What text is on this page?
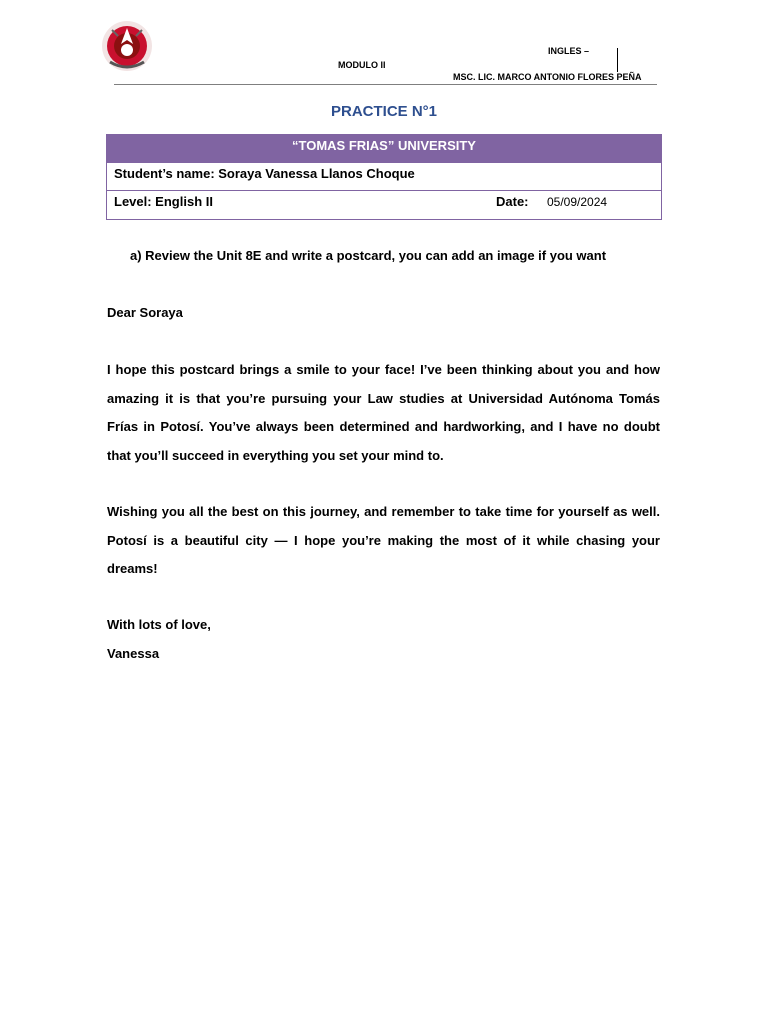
INGLES –
MODULO II
MSC. LIC. MARCO ANTONIO FLORES PEÑA
PRACTICE N°1
“TOMAS FRIAS” UNIVERSITY
Student’s name: Soraya Vanessa Llanos Choque
Level: English II	Date: 05/09/2024
a) Review the Unit 8E and write a postcard, you can add an image if you want
Dear Soraya

I hope this postcard brings a smile to your face! I’ve been thinking about you and how amazing it is that you’re pursuing your Law studies at Universidad Autónoma Tomás Frías in Potosí. You’ve always been determined and hardworking, and I have no doubt that you’ll succeed in everything you set your mind to.

Wishing you all the best on this journey, and remember to take time for yourself as well. Potosí is a beautiful city — I hope you’re making the most of it while chasing your dreams!

With lots of love,
Vanessa
